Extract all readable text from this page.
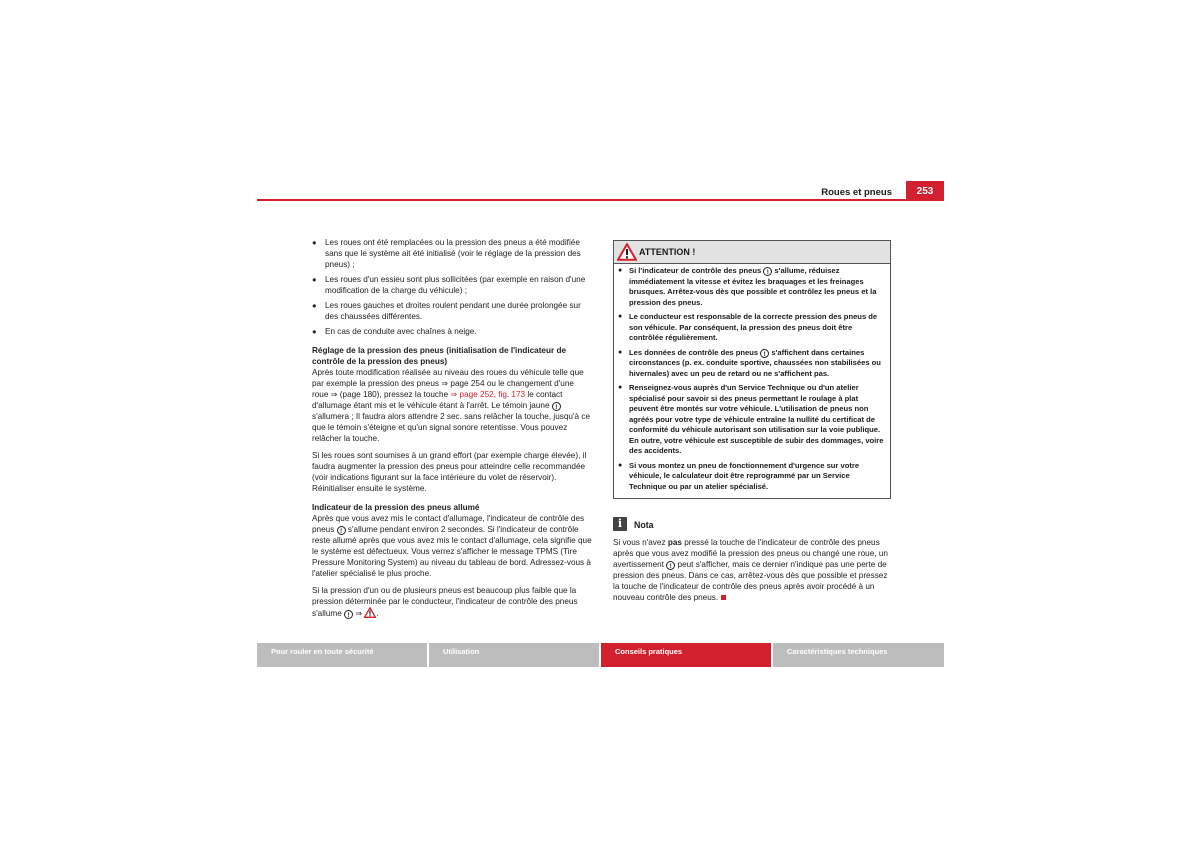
Roues et pneus	253
● Les roues ont été remplacées ou la pression des pneus a été modifiée sans que le système ait été initialisé (voir le réglage de la pression des pneus) ;
● Les roues d'un essieu sont plus sollicitées (par exemple en raison d'une modification de la charge du véhicule) ;
● Les roues gauches et droites roulent pendant une durée prolongée sur des chaussées différentes.
● En cas de conduite avec chaînes à neige.

Réglage de la pression des pneus (initialisation de l'indicateur de contrôle de la pression des pneus)

Après toute modification réalisée au niveau des roues du véhicule telle que par exemple la pression des pneus ⇒ page 254 ou le changement d'une roue ⇒ (page 180), pressez la touche ⇒ page 252, fig. 173 le contact d'allumage étant mis et le véhicule étant à l'arrêt. Le témoin jaune ! s'allumera ; Il faudra alors attendre 2 sec. sans relâcher la touche, jusqu'à ce que le témoin s'éteigne et qu'un signal sonore retentisse. Vous pouvez relâcher la touche.

Si les roues sont soumises à un grand effort (par exemple charge élevée), il faudra augmenter la pression des pneus pour atteindre celle recommandée (voir indications figurant sur la face intérieure du volet de réservoir). Réinitialiser ensuite le système.

Indicateur de la pression des pneus allumé

Après que vous avez mis le contact d'allumage, l'indicateur de contrôle des pneus ! s'allume pendant environ 2 secondes. Si l'indicateur de contrôle reste allumé après que vous avez mis le contact d'allumage, cela signifie que le système est défectueux. Vous verrez s'afficher le message TPMS (Tire Pressure Monitoring System) au niveau du tableau de bord. Adressez-vous à l'atelier spécialisé le plus proche.

Si la pression d'un ou de plusieurs pneus est beaucoup plus faible que la pression déterminée par le conducteur, l'indicateur de contrôle des pneus s'allume ! ⇒ .

ATTENTION !
● Si l'indicateur de contrôle des pneus ! s'allume, réduisez immédiatement la vitesse et évitez les braquages et les freinages brusques. Arrêtez-vous dès que possible et contrôlez les pneus et la pression des pneus.
● Le conducteur est responsable de la correcte pression des pneus de son véhicule. Par conséquent, la pression des pneus doit être contrôlée régulièrement.
● Les données de contrôle des pneus ! s'affichent dans certaines circonstances (p. ex. conduite sportive, chaussées non stabilisées ou hivernales) avec un peu de retard ou ne s'affichent pas.
● Renseignez-vous auprès d'un Service Technique ou d'un atelier spécialisé pour savoir si des pneus permettant le roulage à plat peuvent être montés sur votre véhicule. L'utilisation de pneus non agréés pour votre type de véhicule entraîne la nullité du certificat de conformité du véhicule autorisant son utilisation sur la voie publique. En outre, votre véhicule est susceptible de subir des dommages, voire des accidents.
● Si vous montez un pneu de fonctionnement d'urgence sur votre véhicule, le calculateur doit être reprogrammé par un Service Technique ou par un atelier spécialisé.
i	Nota

Si vous n'avez pas pressé la touche de l'indicateur de contrôle des pneus après que vous avez modifié la pression des pneus ou changé une roue, un avertissement ! peut s'afficher, mais ce dernier n'indique pas une perte de pression des pneus. Dans ce cas, arrêtez-vous dès que possible et pressez la touche de l'indicateur de contrôle des pneus après avoir procédé à un nouveau contrôle des pneus.

Pour rouler en toute sécurité	Utilisation	Conseils pratiques	Caractéristiques techniques
